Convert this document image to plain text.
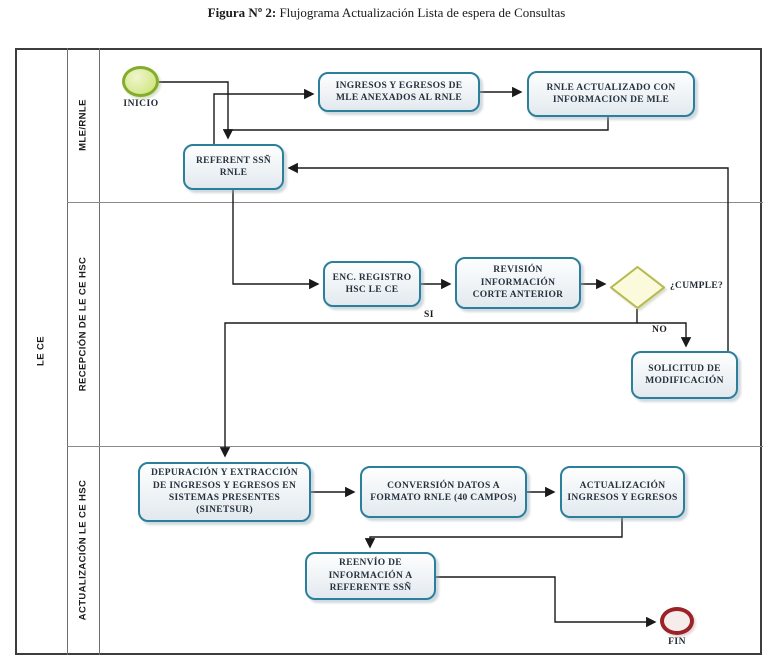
Figura Nº 2: Flujograma Actualización Lista de espera de Consultas
LE CE
MLE/RNLE
RECEPCIÓN DE LE CE HSC
ACTUALIZACIÓN LE CE HSC
INICIO
INGRESOS Y EGRESOS DE MLE ANEXADOS AL RNLE
RNLE ACTUALIZADO CON INFORMACION DE MLE
REFERENT SSÑ RNLE
ENC. REGISTRO HSC LE CE
REVISIÓN INFORMACIÓN CORTE ANTERIOR
¿CUMPLE?
SI
NO
SOLICITUD DE MODIFICACIÓN
DEPURACIÓN Y EXTRACCIÓN DE INGRESOS Y EGRESOS EN SISTEMAS PRESENTES (SINETSUR)
CONVERSIÓN DATOS A FORMATO RNLE (40 CAMPOS)
ACTUALIZACIÓN INGRESOS Y EGRESOS
REENVÍO DE INFORMACIÓN A REFERENTE SSÑ
FIN
